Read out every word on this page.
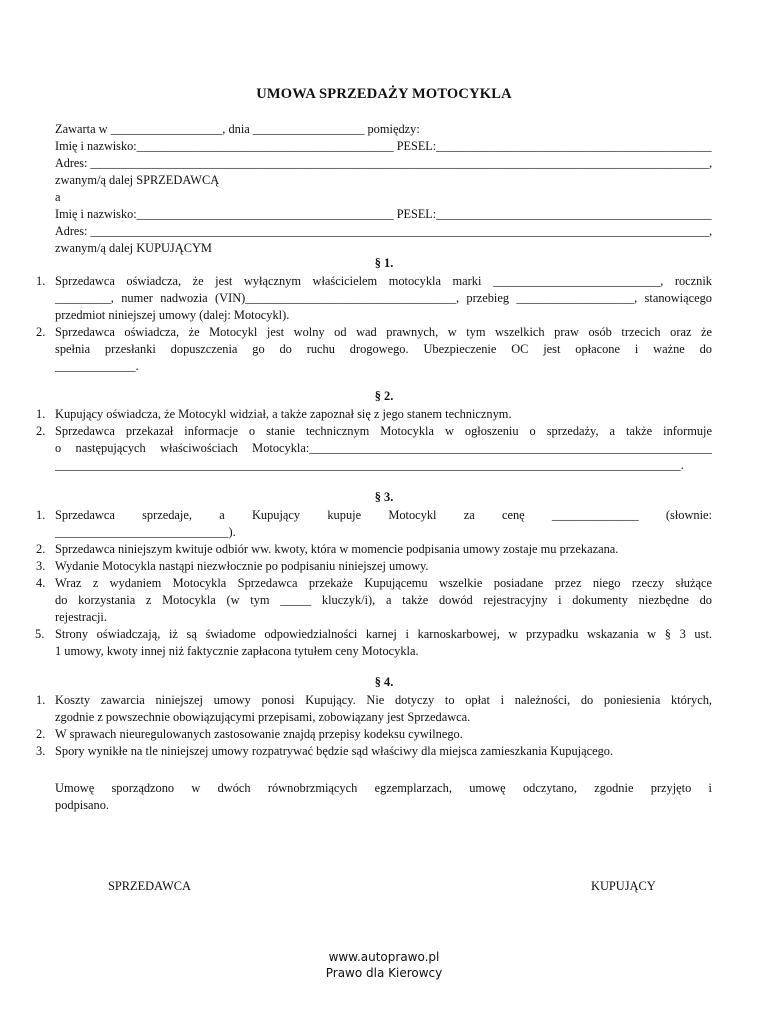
UMOWA SPRZEDAŻY MOTOCYKLA
Zawarta w __________________, dnia __________________ pomiędzy:
Imię i nazwisko:__________________________________________ PESEL:_____________________________________________
Adres: ______________________________________________________________________________________________________,
zwanym/ą dalej SPRZEDAWCĄ
a
Imię i nazwisko:__________________________________________ PESEL:_____________________________________________
Adres: ______________________________________________________________________________________________________,
zwanym/ą dalej KUPUJĄCYM
§ 1.
1. Sprzedawca oświadcza, że jest wyłącznym właścicielem motocykla marki ___________________________, rocznik
_________, numer nadwozia (VIN)__________________________________, przebieg ___________________, stanowiącego
przedmiot niniejszej umowy (dalej: Motocykl).
2. Sprzedawca oświadcza, że Motocykl jest wolny od wad prawnych, w tym wszelkich praw osób trzecich oraz że
spełnia przesłanki dopuszczenia go do ruchu drogowego. Ubezpieczenie OC jest opłacone i ważne do
_____________.
§ 2.
1. Kupujący oświadcza, że Motocykl widział, a także zapoznał się z jego stanem technicznym.
2. Sprzedawca przekazał informacje o stanie technicznym Motocykla w ogłoszeniu o sprzedaży, a także informuje
o następujących właściwościach Motocykla:_________________________________________________________________
_____________________________________________________________________________________________________.
§ 3.
1. Sprzedawca sprzedaje, a Kupujący kupuje Motocykl za cenę ______________ (słownie:
____________________________).
2. Sprzedawca niniejszym kwituje odbiór ww. kwoty, która w momencie podpisania umowy zostaje mu przekazana.
3. Wydanie Motocykla nastąpi niezwłocznie po podpisaniu niniejszej umowy.
4. Wraz z wydaniem Motocykla Sprzedawca przekaże Kupującemu wszelkie posiadane przez niego rzeczy służące
do korzystania z Motocykla (w tym _____ kluczyk/i), a także dowód rejestracyjny i dokumenty niezbędne do
rejestracji.
5. Strony oświadczają, iż są świadome odpowiedzialności karnej i karnoskarbowej, w przypadku wskazania w § 3 ust.
1 umowy, kwoty innej niż faktycznie zapłacona tytułem ceny Motocykla.
§ 4.
1. Koszty zawarcia niniejszej umowy ponosi Kupujący. Nie dotyczy to opłat i należności, do poniesienia których,
zgodnie z powszechnie obowiązującymi przepisami, zobowiązany jest Sprzedawca.
2. W sprawach nieuregulowanych zastosowanie znajdą przepisy kodeksu cywilnego.
3. Spory wynikłe na tle niniejszej umowy rozpatrywać będzie sąd właściwy dla miejsca zamieszkania Kupującego.
Umowę sporządzono w dwóch równobrzmiących egzemplarzach, umowę odczytano, zgodnie przyjęto i
podpisano.
SPRZEDAWCA	KUPUJĄCY
www.autoprawo.pl
Prawo dla Kierowcy
